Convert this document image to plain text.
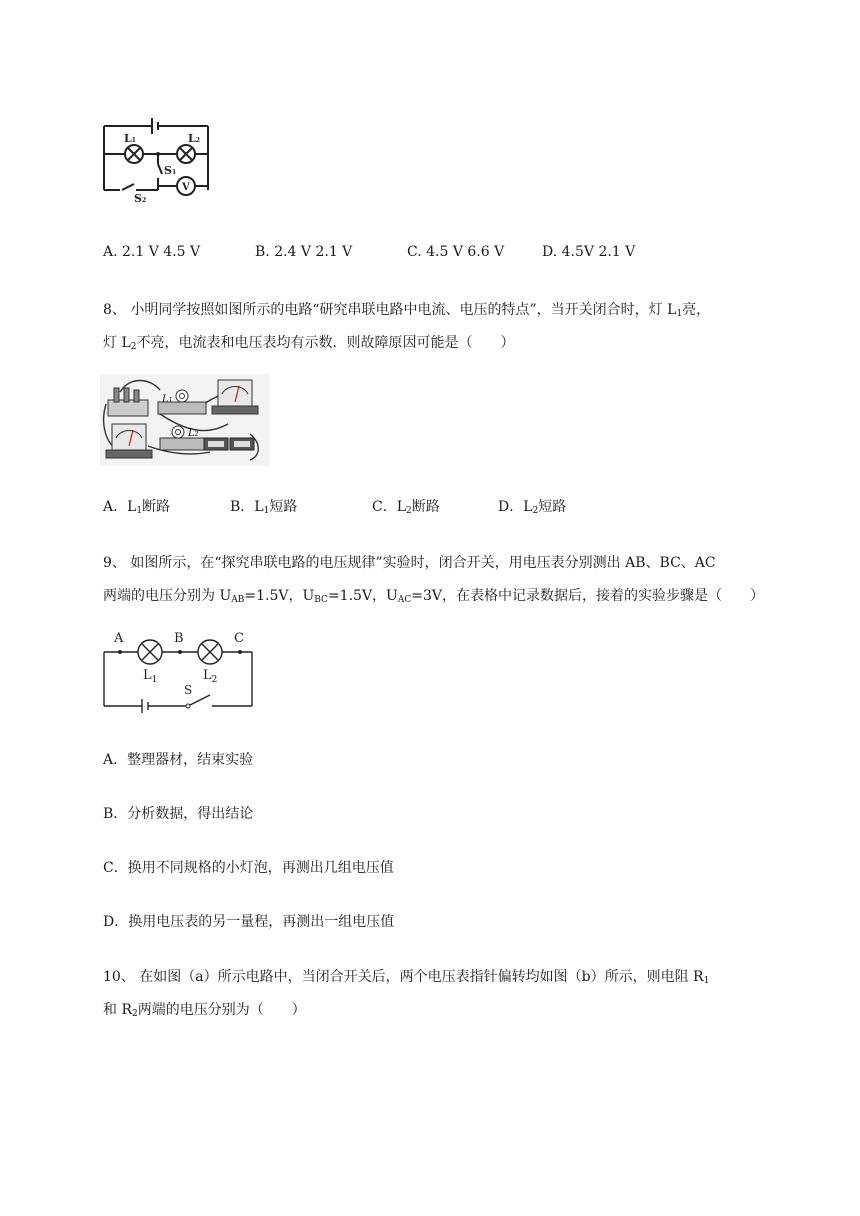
L1	L2
S1
S2
V
A. 2.1 V 4.5 V	B. 2.4 V 2.1 V	C. 4.5 V 6.6 V	D. 4.5V 2.1 V
8、 小明同学按照如图所示的电路“研究串联电路中电流、电压的特点”，当开关闭合时，灯 $L_1$亮，
灯 $L_2$不亮，电流表和电压表均有示数．则故障原因可能是（　　）
L1
L2
A．$L_1$断路	B．$L_1$短路	C．$L_2$断路	D．$L_2$短路
9、 如图所示，在“探究串联电路的电压规律”实验时，闭合开关，用电压表分别测出 AB、BC、AC
两端的电压分别为 $U_{AB}=1.5V$，$U_{BC}=1.5V$，$U_{AC}=3V$，在表格中记录数据后，接着的实验步骤是（　　）
A	B	C
$L_1$	$L_2$
S
A．整理器材，结束实验
B．分析数据，得出结论
C．换用不同规格的小灯泡，再测出几组电压值
D．换用电压表的另一量程，再测出一组电压值
10、 在如图（a）所示电路中，当闭合开关后，两个电压表指针偏转均如图（b）所示，则电阻 $R_1$
和 $R_2$两端的电压分别为（　　）
